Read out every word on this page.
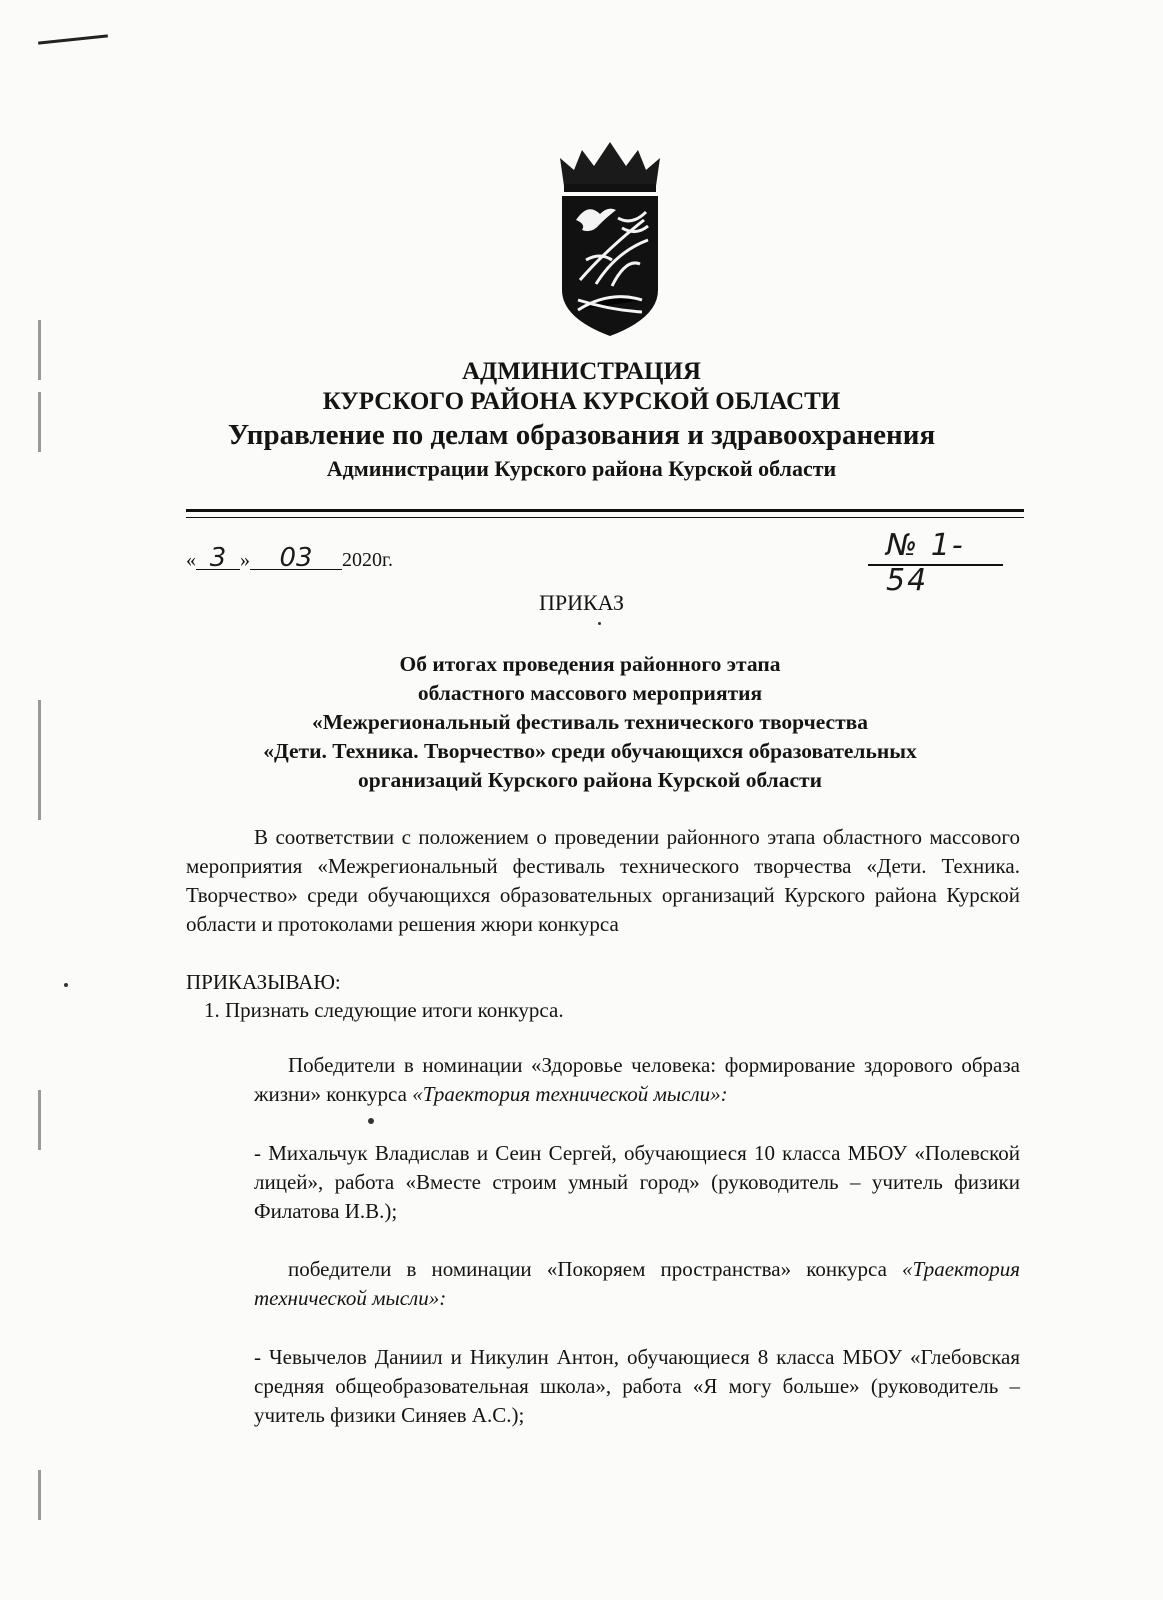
АДМИНИСТРАЦИЯ
КУРСКОГО РАЙОНА КУРСКОЙ ОБЛАСТИ
Управление по делам образования и здравоохранения
Администрации Курского района Курской области
« 3 » 03 2020г.	№ 1-54
ПРИКАЗ
Об итогах проведения районного этапа
областного массового мероприятия
«Межрегиональный фестиваль технического творчества
«Дети. Техника. Творчество» среди обучающихся образовательных
организаций Курского района Курской области
В соответствии с положением о проведении районного этапа областного массового мероприятия «Межрегиональный фестиваль технического творчества «Дети. Техника. Творчество» среди обучающихся образовательных организаций Курского района Курской области и протоколами решения жюри конкурса
ПРИКАЗЫВАЮ:
1. Признать следующие итоги конкурса.
Победители в номинации «Здоровье человека: формирование здорового образа жизни» конкурса «Траектория технической мысли»:
- Михальчук Владислав и Сеин Сергей, обучающиеся 10 класса МБОУ «Полевской лицей», работа «Вместе строим умный город» (руководитель – учитель физики Филатова И.В.);
победители в номинации «Покоряем пространства» конкурса «Траектория технической мысли»:
- Чевычелов Даниил и Никулин Антон, обучающиеся 8 класса МБОУ «Глебовская средняя общеобразовательная школа», работа «Я могу больше» (руководитель – учитель физики Синяев А.С.);
